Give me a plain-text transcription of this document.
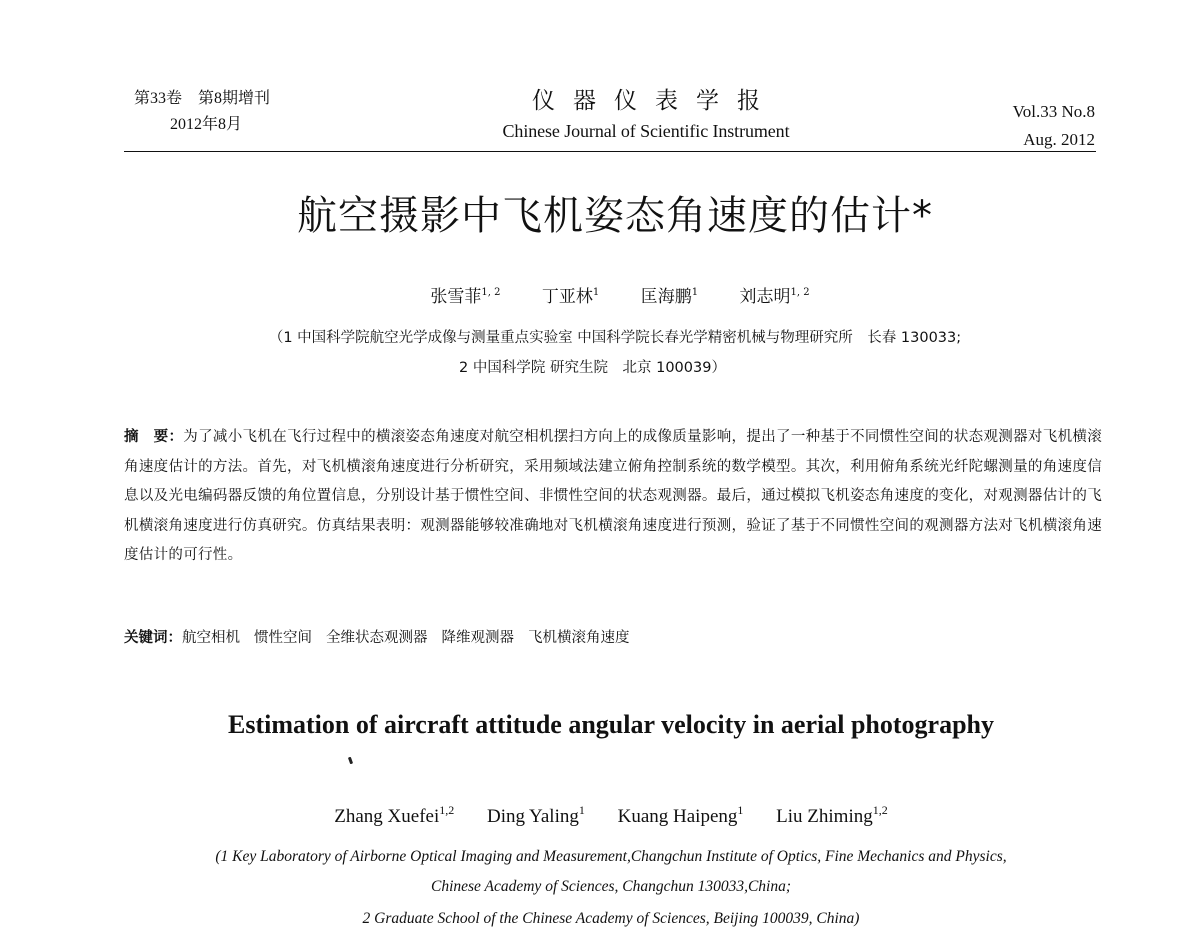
第33卷　第8期增刊
2012年8月
仪器仪表学报
Chinese Journal of Scientific Instrument
Vol.33 No.8
Aug. 2012
航空摄影中飞机姿态角速度的估计*
张雪菲$^{1, 2}$ 丁亚林$^1$ 匡海鹏$^1$ 刘志明$^{1, 2}$
（1 中国科学院航空光学成像与测量重点实验室 中国科学院长春光学精密机械与物理研究所　长春 130033;
2 中国科学院 研究生院　北京 100039）
摘　要：为了减小飞机在飞行过程中的横滚姿态角速度对航空相机摆扫方向上的成像质量影响，提出了一种基于不同惯性空间的状态观测器对飞机横滚角速度估计的方法。首先，对飞机横滚角速度进行分析研究，采用频域法建立俯角控制系统的数学模型。其次，利用俯角系统光纤陀螺测量的角速度信息以及光电编码器反馈的角位置信息，分别设计基于惯性空间、非惯性空间的状态观测器。最后，通过模拟飞机姿态角速度的变化，对观测器估计的飞机横滚角速度进行仿真研究。仿真结果表明：观测器能够较准确地对飞机横滚角速度进行预测，验证了基于不同惯性空间的观测器方法对飞机横滚角速度估计的可行性。
关键词：航空相机 惯性空间 全维状态观测器 降维观测器 飞机横滚角速度
Estimation of aircraft attitude angular velocity in aerial photography
Zhang Xuefei$^{1,2}$ Ding Yaling$^1$ Kuang Haipeng$^1$ Liu Zhiming$^{1,2}$
(1 Key Laboratory of Airborne Optical Imaging and Measurement,Changchun Institute of Optics, Fine Mechanics and Physics,
Chinese Academy of Sciences, Changchun 130033,China;
2 Graduate School of the Chinese Academy of Sciences, Beijing 100039, China)
